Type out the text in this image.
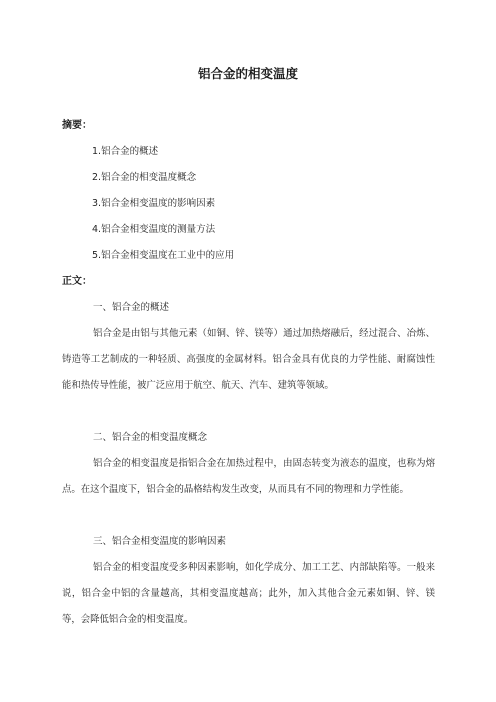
铝合金的相变温度
摘要：
1.铝合金的概述
2.铝合金的相变温度概念
3.铝合金相变温度的影响因素
4.铝合金相变温度的测量方法
5.铝合金相变温度在工业中的应用
正文：
一、铝合金的概述
铝合金是由铝与其他元素（如铜、锌、镁等）通过加热熔融后，经过混合、冶炼、铸造等工艺制成的一种轻质、高强度的金属材料。铝合金具有优良的力学性能、耐腐蚀性能和热传导性能，被广泛应用于航空、航天、汽车、建筑等领域。
二、铝合金的相变温度概念
铝合金的相变温度是指铝合金在加热过程中，由固态转变为液态的温度，也称为熔点。在这个温度下，铝合金的晶格结构发生改变，从而具有不同的物理和力学性能。
三、铝合金相变温度的影响因素
铝合金的相变温度受多种因素影响，如化学成分、加工工艺、内部缺陷等。一般来说，铝合金中铝的含量越高，其相变温度越高；此外，加入其他合金元素如铜、锌、镁等，会降低铝合金的相变温度。
